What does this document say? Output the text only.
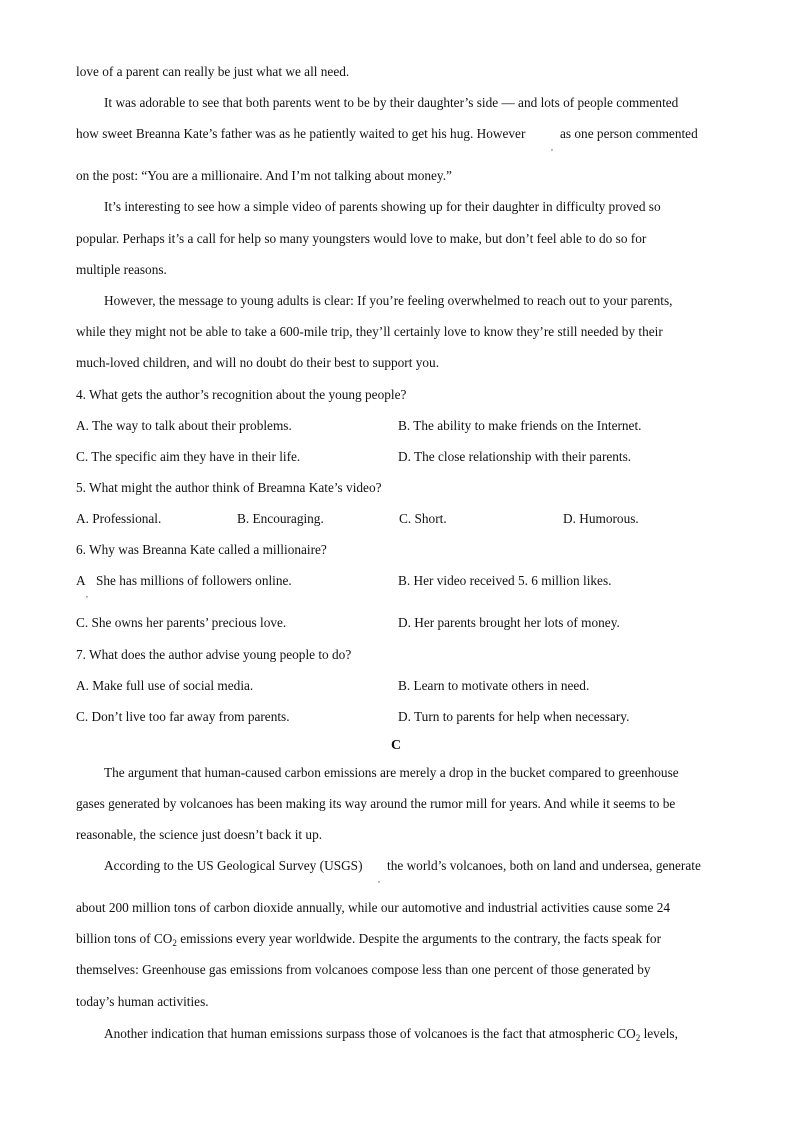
love of a parent can really be just what we all need.
It was adorable to see that both parents went to be by their daughter’s side — and lots of people commented
how sweet Breanna Kate’s father was as he patiently waited to get his hug. However
,
as one person commented
on the post: “You are a millionaire. And I’m not talking about money.”
It’s interesting to see how a simple video of parents showing up for their daughter in difficulty proved so
popular. Perhaps it’s a call for help so many youngsters would love to make, but don’t feel able to do so for
multiple reasons.
However, the message to young adults is clear: If you’re feeling overwhelmed to reach out to your parents,
while they might not be able to take a 600-mile trip, they’ll certainly love to know they’re still needed by their
much-loved children, and will no doubt do their best to support you.
4. What gets the author’s recognition about the young people?
A. The way to talk about their problems.	B. The ability to make friends on the Internet.
C. The specific aim they have in their life.	D. The close relationship with their parents.
5. What might the author think of Breamna Kate’s video?
A. Professional.	B. Encouraging.	C. Short.	D. Humorous.
6. Why was Breanna Kate called a millionaire?
A
,
She has millions of followers online.	B. Her video received 5. 6 million likes.
C. She owns her parents’ precious love.	D. Her parents brought her lots of money.
7. What does the author advise young people to do?
A. Make full use of social media.	B. Learn to motivate others in need.
C. Don’t live too far away from parents.	D. Turn to parents for help when necessary.
C
The argument that human-caused carbon emissions are merely a drop in the bucket compared to greenhouse
gases generated by volcanoes has been making its way around the rumor mill for years. And while it seems to be
reasonable, the science just doesn’t back it up.
According to the US Geological Survey (USGS)
,
the world’s volcanoes, both on land and undersea, generate
about 200 million tons of carbon dioxide annually, while our automotive and industrial activities cause some 24
billion tons of $CO_2$ emissions every year worldwide. Despite the arguments to the contrary, the facts speak for
themselves: Greenhouse gas emissions from volcanoes compose less than one percent of those generated by
today’s human activities.
Another indication that human emissions surpass those of volcanoes is the fact that atmospheric $CO_2$ levels,
